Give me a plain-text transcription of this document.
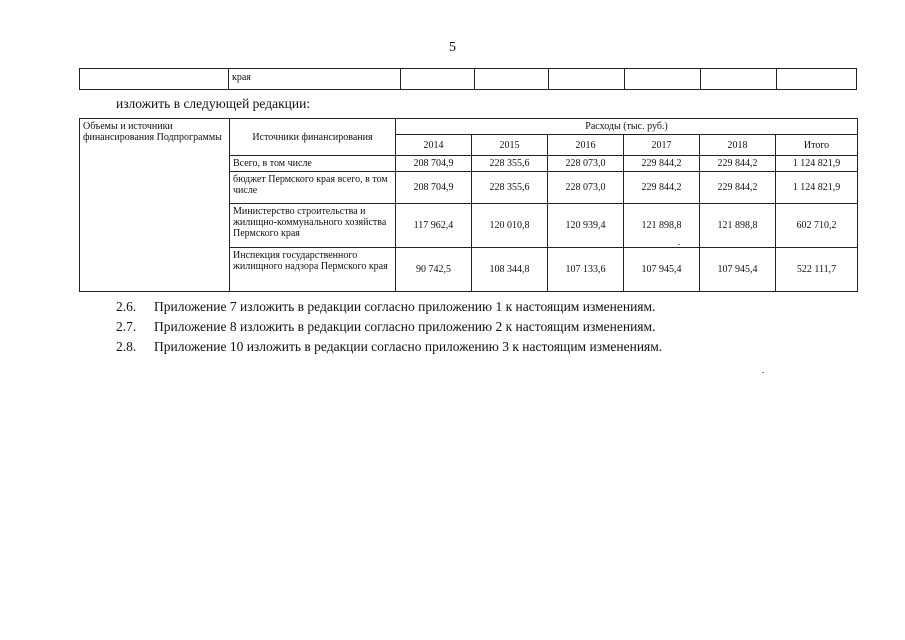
5
	края						
изложить в следующей редакции:
Объемы и источники финансирования Подпрограммы	Источники финансирования	Расходы (тыс. руб.)					
		2014	2015	2016	2017	2018	Итого
	Всего, в том числе	208 704,9	228 355,6	228 073,0	229 844,2	229 844,2	1 124 821,9
	бюджет Пермского края всего, в том числе	208 704,9	228 355,6	228 073,0	229 844,2	229 844,2	1 124 821,9
	Министерство строительства и жилищно-коммунального хозяйства Пермского края	117 962,4	120 010,8	120 939,4	121 898,8	121 898,8	602 710,2
	Инспекция государственного жилищного надзора Пермского края	90 742,5	108 344,8	107 133,6	107 945,4	107 945,4	522 111,7
2.6. Приложение 7 изложить в редакции согласно приложению 1 к настоящим изменениям.
2.7. Приложение 8 изложить в редакции согласно приложению 2 к настоящим изменениям.
2.8. Приложение 10 изложить в редакции согласно приложению 3 к настоящим изменениям.
